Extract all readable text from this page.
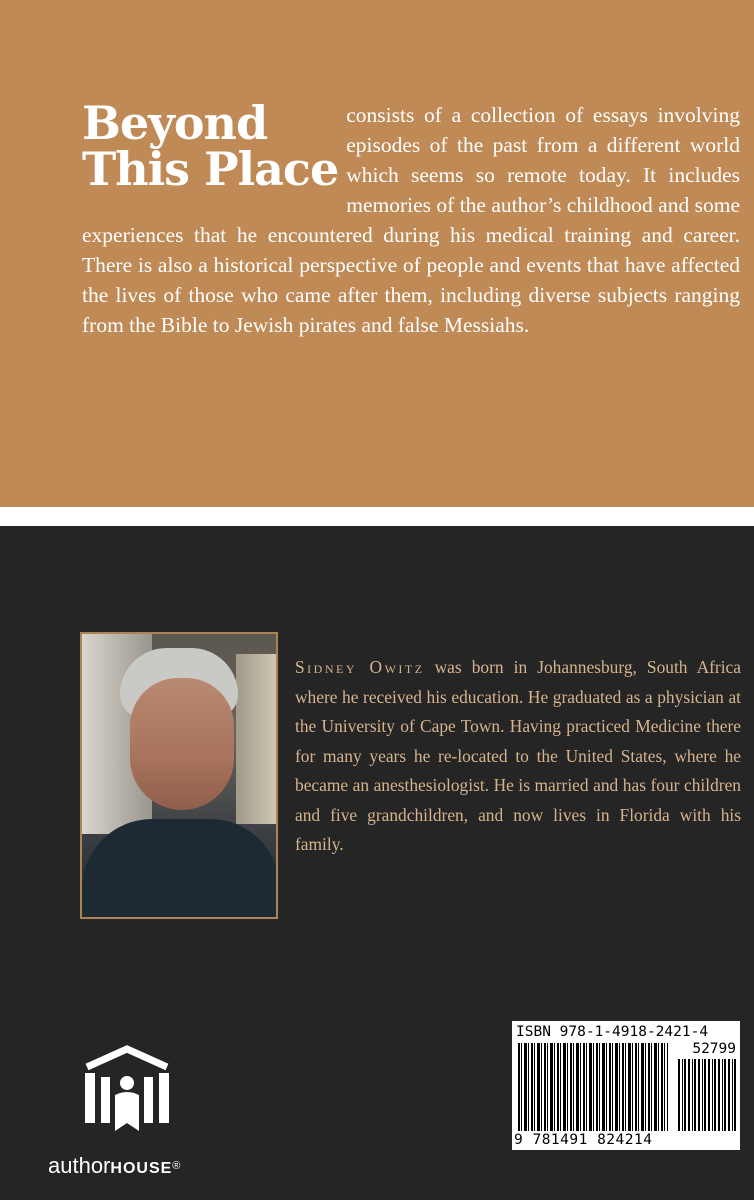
Beyond
This Place
consists of a collection of essays involving episodes of the past from a different world which seems so remote today. It includes memories of the author’s childhood and some experiences that he encountered during his medical training and career. There is also a historical perspective of people and events that have affected the lives of those who came after them, including diverse subjects ranging from the Bible to Jewish pirates and false Messiahs.

Sidney Owitz was born in Johannesburg, South Africa where he received his education. He graduated as a physician at the University of Cape Town. Having practiced Medicine there for many years he re-located to the United States, where he became an anesthesiologist. He is married and has four children and five grandchildren, and now lives in Florida with his family.

ISBN 978-1-4918-2421-4
52799
9 781491 824214

authorHOUSE®
